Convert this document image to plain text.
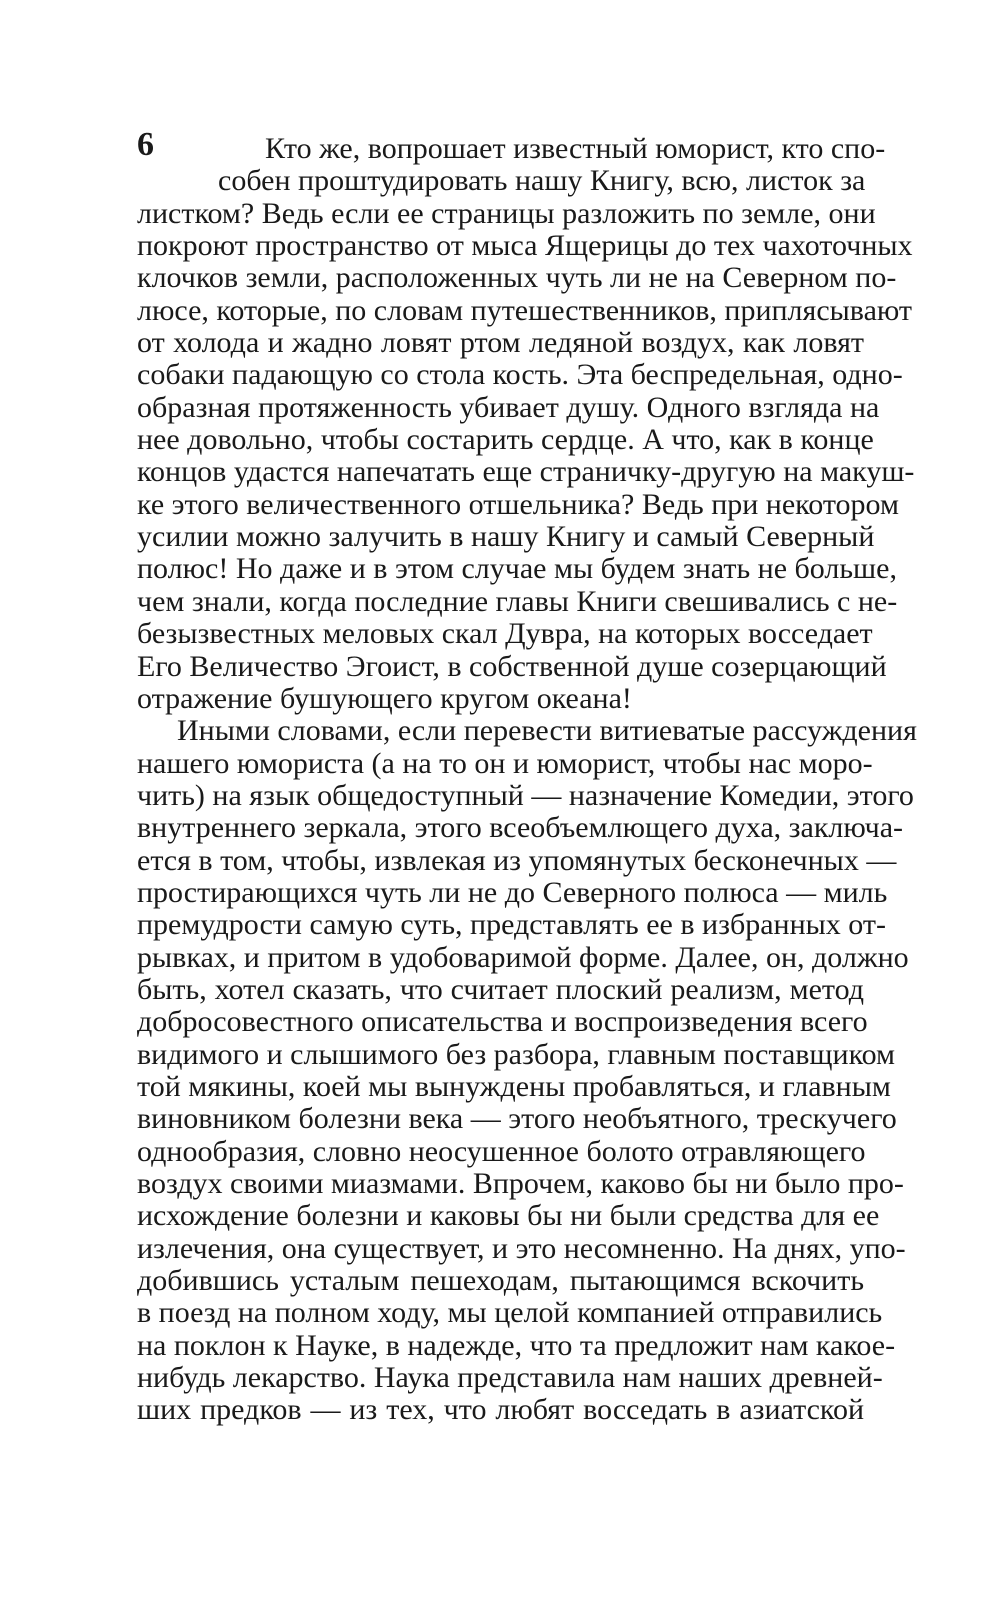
6	Кто же, вопрошает известный юморист, кто спо-
собен проштудировать нашу Книгу, всю, листок за
листком? Ведь если ее страницы разложить по земле, они
покроют пространство от мыса Ящерицы до тех чахоточных
клочков земли, расположенных чуть ли не на Северном по-
люсе, которые, по словам путешественников, приплясывают
от холода и жадно ловят ртом ледяной воздух, как ловят
собаки падающую со стола кость. Эта беспредельная, одно-
образная протяженность убивает душу. Одного взгляда на
нее довольно, чтобы состарить сердце. А что, как в конце
концов удастся напечатать еще страничку-другую на макуш-
ке этого величественного отшельника? Ведь при некотором
усилии можно залучить в нашу Книгу и самый Северный
полюс! Но даже и в этом случае мы будем знать не больше,
чем знали, когда последние главы Книги свешивались с не-
безызвестных меловых скал Дувра, на которых восседает
Его Величество Эгоист, в собственной душе созерцающий
отражение бушующего кругом океана!
Иными словами, если перевести витиеватые рассуждения
нашего юмориста (а на то он и юморист, чтобы нас моро-
чить) на язык общедоступный — назначение Комедии, этого
внутреннего зеркала, этого всеобъемлющего духа, заключа-
ется в том, чтобы, извлекая из упомянутых бесконечных —
простирающихся чуть ли не до Северного полюса — миль
премудрости самую суть, представлять ее в избранных от-
рывках, и притом в удобоваримой форме. Далее, он, должно
быть, хотел сказать, что считает плоский реализм, метод
добросовестного описательства и воспроизведения всего
видимого и слышимого без разбора, главным поставщиком
той мякины, коей мы вынуждены пробавляться, и главным
виновником болезни века — этого необъятного, трескучего
однообразия, словно неосушенное болото отравляющего
воздух своими миазмами. Впрочем, каково бы ни было про-
исхождение болезни и каковы бы ни были средства для ее
излечения, она существует, и это несомненно. На днях, упо-
добившись усталым пешеходам, пытающимся вскочить
в поезд на полном ходу, мы целой компанией отправились
на поклон к Науке, в надежде, что та предложит нам какое-
нибудь лекарство. Наука представила нам наших древней-
ших предков — из тех, что любят восседать в азиатской
